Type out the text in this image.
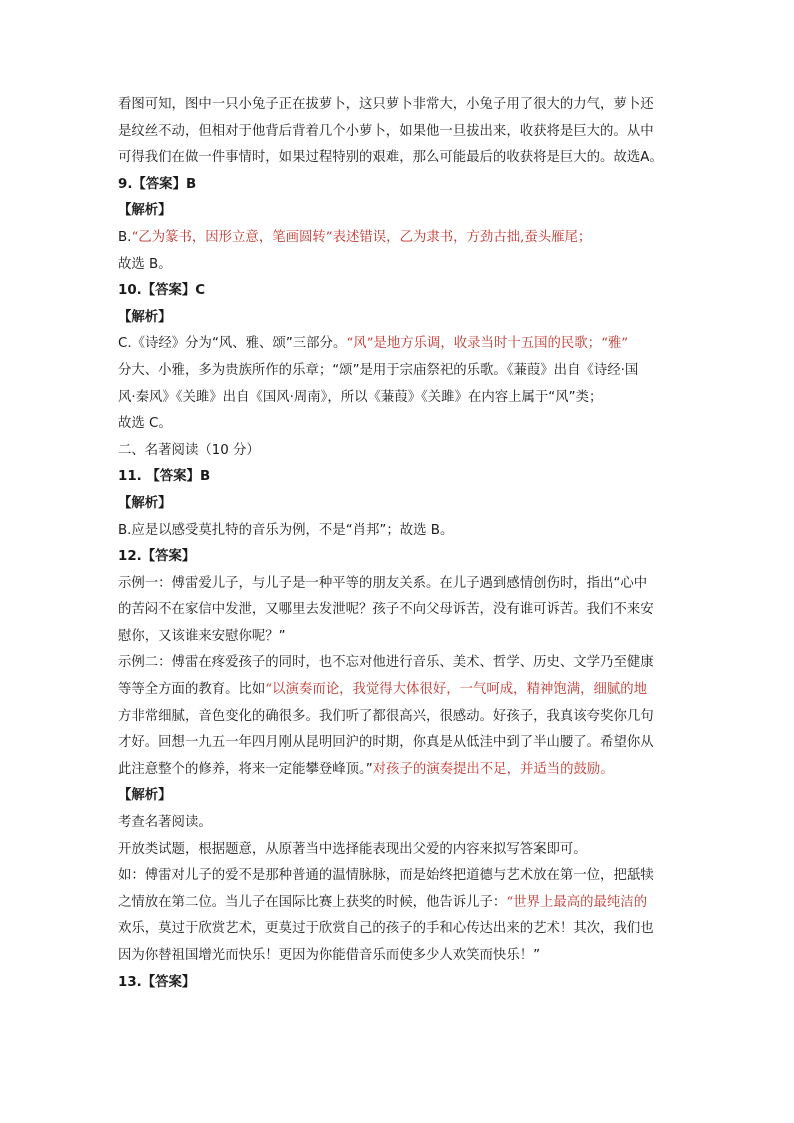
看图可知，图中一只小兔子正在拔萝卜，这只萝卜非常大，小兔子用了很大的力气，萝卜还
是纹丝不动，但相对于他背后背着几个小萝卜，如果他一旦拔出来，收获将是巨大的。从中
可得我们在做一件事情时，如果过程特别的艰难，那么可能最后的收获将是巨大的。故选A。
9.【答案】B
【解析】
B.“乙为篆书，因形立意，笔画圆转”表述错误，乙为隶书，方劲古拙,蚕头雁尾；
故选 B。
10.【答案】C
【解析】
C.《诗经》分为“风、雅、颂”三部分。“风”是地方乐调，收录当时十五国的民歌；“雅”
分大、小雅，多为贵族所作的乐章；“颂”是用于宗庙祭祀的乐歌。《蒹葭》出自《诗经·国
风·秦风》《关雎》出自《国风·周南》，所以《蒹葭》《关雎》在内容上属于“风”类；
故选 C。
二、名著阅读（10 分）
11. 【答案】B
【解析】
B.应是以感受莫扎特的音乐为例，不是“肖邦”；故选 B。
12.【答案】
示例一：傅雷爱儿子，与儿子是一种平等的朋友关系。在儿子遇到感情创伤时，指出“心中
的苦闷不在家信中发泄，又哪里去发泄呢？孩子不向父母诉苦，没有谁可诉苦。我们不来安
慰你，又该谁来安慰你呢？”
示例二：傅雷在疼爱孩子的同时，也不忘对他进行音乐、美术、哲学、历史、文学乃至健康
等等全方面的教育。比如“以演奏而论，我觉得大体很好，一气呵成，精神饱满，细腻的地
方非常细腻，音色变化的确很多。我们听了都很高兴，很感动。好孩子，我真该夸奖你几句
才好。回想一九五一年四月刚从昆明回沪的时期，你真是从低洼中到了半山腰了。希望你从
此注意整个的修养，将来一定能攀登峰顶。”对孩子的演奏提出不足，并适当的鼓励。
【解析】
考查名著阅读。
开放类试题，根据题意，从原著当中选择能表现出父爱的内容来拟写答案即可。
如：傅雷对儿子的爱不是那种普通的温情脉脉，而是始终把道德与艺术放在第一位，把舐犊
之情放在第二位。当儿子在国际比赛上获奖的时候，他告诉儿子：“世界上最高的最纯洁的
欢乐，莫过于欣赏艺术，更莫过于欣赏自己的孩子的手和心传达出来的艺术！其次，我们也
因为你替祖国增光而快乐！更因为你能借音乐而使多少人欢笑而快乐！”
13.【答案】
